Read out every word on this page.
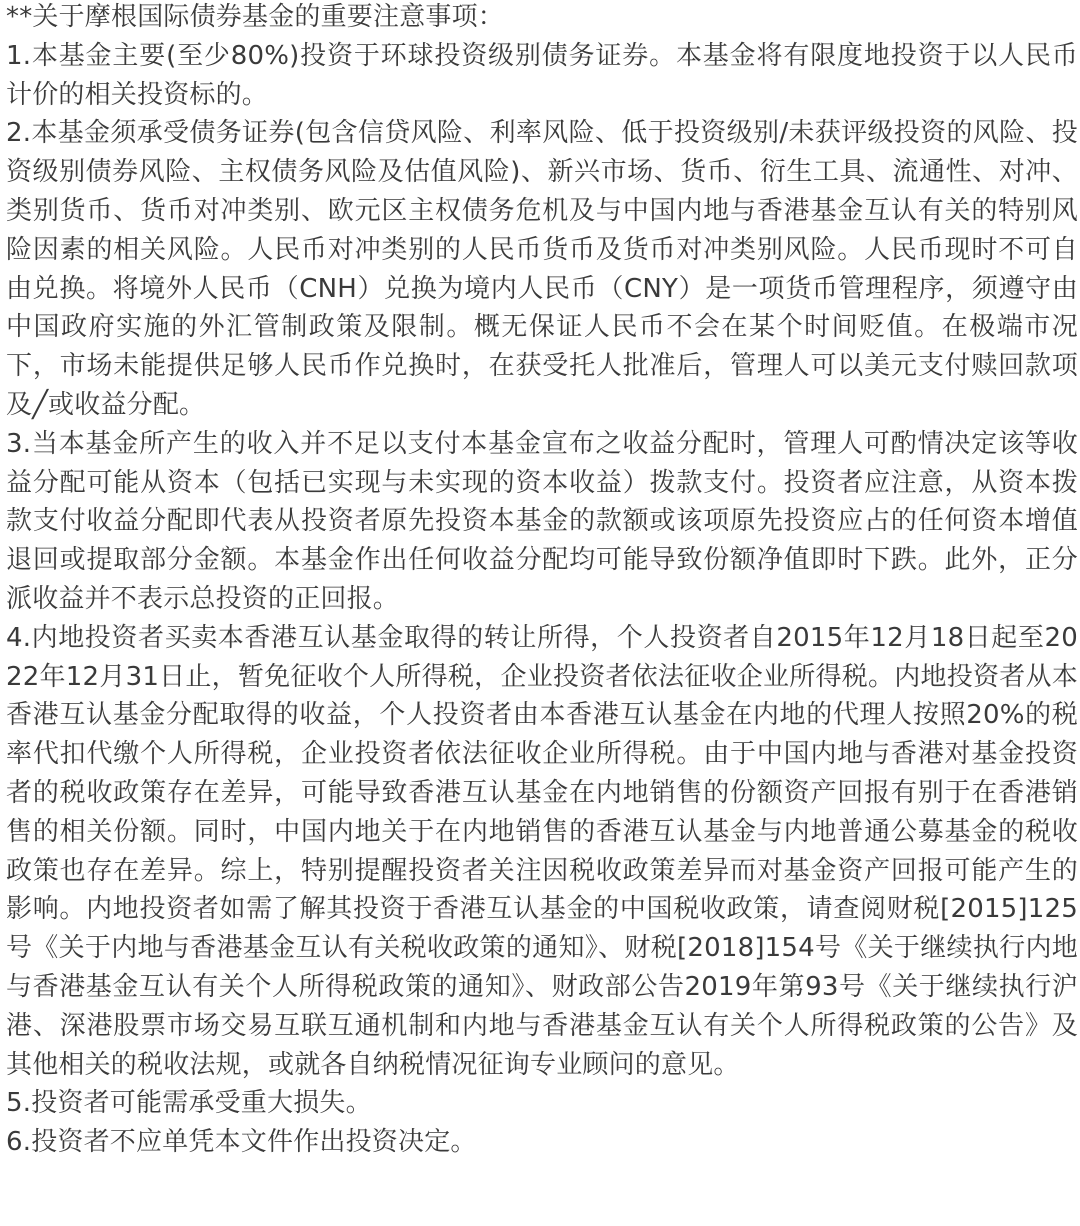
**关于摩根国际债券基金的重要注意事项：

1.本基金主要(至少80%)投资于环球投资级别债务证券。本基金将有限度地投资于以人民币计价的相关投资标的。

2.本基金须承受债务证券(包含信贷风险、利率风险、低于投资级别/未获评级投资的风险、投资级别债券风险、主权债务风险及估值风险)、新兴市场、货币、衍生工具、流通性、对冲、类别货币、货币对冲类别、欧元区主权债务危机及与中国内地与香港基金互认有关的特别风险因素的相关风险。人民币对冲类别的人民币货币及货币对冲类别风险。人民币现时不可自由兑换。将境外人民币（CNH）兑换为境内人民币（CNY）是一项货币管理程序，须遵守由中国政府实施的外汇管制政策及限制。概无保证人民币不会在某个时间贬值。在极端市况下，市场未能提供足够人民币作兑换时，在获受托人批准后，管理人可以美元支付赎回款项及╱或收益分配。

3.当本基金所产生的收入并不足以支付本基金宣布之收益分配时，管理人可酌情决定该等收益分配可能从资本（包括已实现与未实现的资本收益）拨款支付。投资者应注意，从资本拨款支付收益分配即代表从投资者原先投资本基金的款额或该项原先投资应占的任何资本增值退回或提取部分金额。本基金作出任何收益分配均可能导致份额净值即时下跌。此外，正分派收益并不表示总投资的正回报。

4.内地投资者买卖本香港互认基金取得的转让所得，个人投资者自2015年12月18日起至2022年12月31日止，暂免征收个人所得税，企业投资者依法征收企业所得税。内地投资者从本香港互认基金分配取得的收益，个人投资者由本香港互认基金在内地的代理人按照20%的税率代扣代缴个人所得税，企业投资者依法征收企业所得税。由于中国内地与香港对基金投资者的税收政策存在差异，可能导致香港互认基金在内地销售的份额资产回报有别于在香港销售的相关份额。同时，中国内地关于在内地销售的香港互认基金与内地普通公募基金的税收政策也存在差异。综上，特别提醒投资者关注因税收政策差异而对基金资产回报可能产生的影响。内地投资者如需了解其投资于香港互认基金的中国税收政策，请查阅财税[2015]125号《关于内地与香港基金互认有关税收政策的通知》、财税[2018]154号《关于继续执行内地与香港基金互认有关个人所得税政策的通知》、财政部公告2019年第93号《关于继续执行沪港、深港股票市场交易互联互通机制和内地与香港基金互认有关个人所得税政策的公告》及其他相关的税收法规，或就各自纳税情况征询专业顾问的意见。

5.投资者可能需承受重大损失。

6.投资者不应单凭本文件作出投资决定。
